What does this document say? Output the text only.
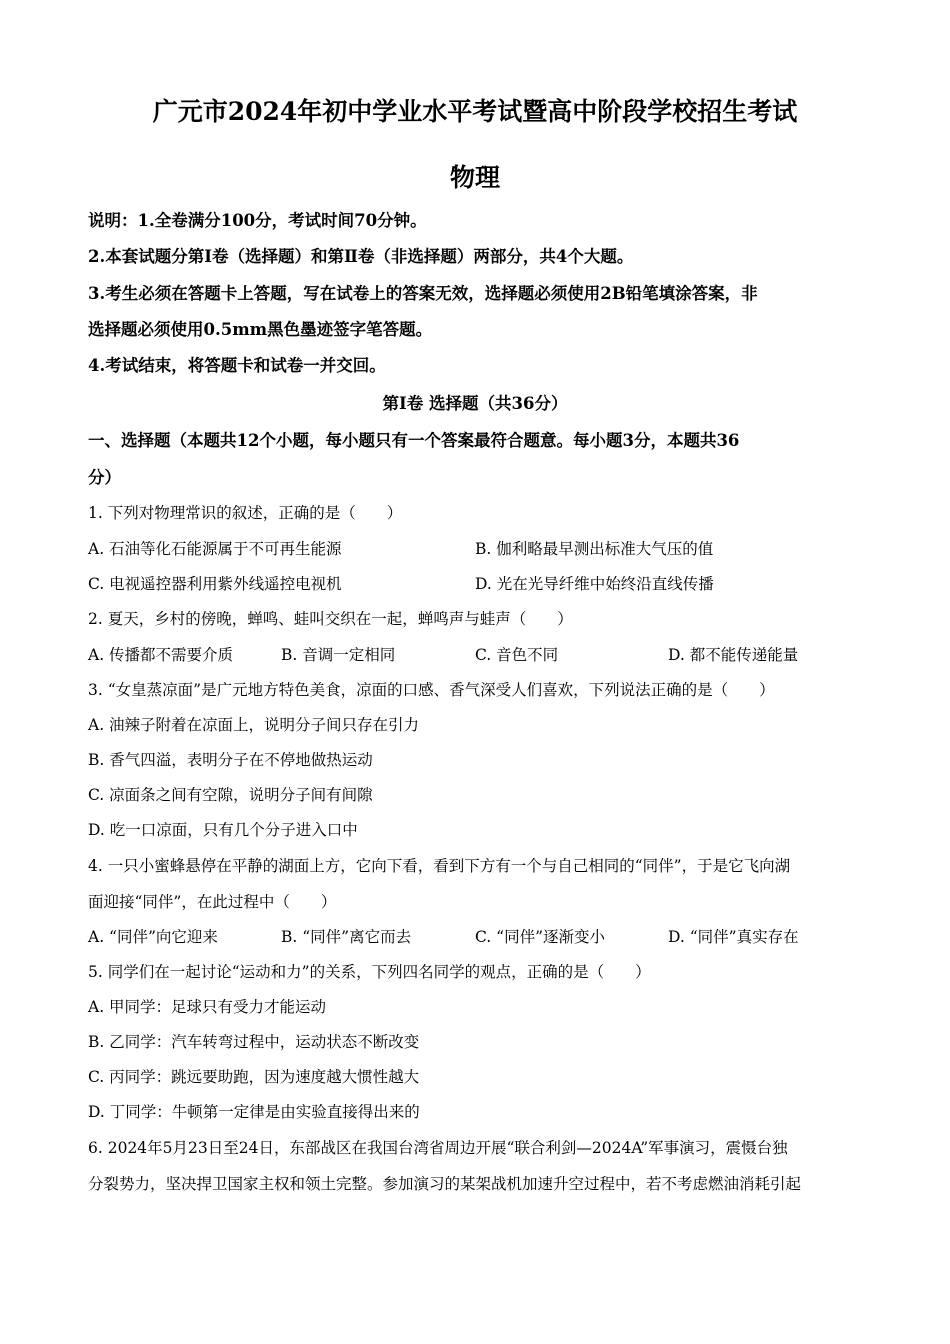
广元市2024年初中学业水平考试暨高中阶段学校招生考试
物理
说明：1.全卷满分100分，考试时间70分钟。
2.本套试题分第Ⅰ卷（选择题）和第Ⅱ卷（非选择题）两部分，共4个大题。
3.考生必须在答题卡上答题，写在试卷上的答案无效，选择题必须使用2B铅笔填涂答案，非
选择题必须使用0.5mm黑色墨迹签字笔答题。
4.考试结束，将答题卡和试卷一并交回。
第Ⅰ卷 选择题（共36分）
一、选择题（本题共12个小题，每小题只有一个答案最符合题意。每小题3分，本题共36
分）
1. 下列对物理常识的叙述，正确的是（　　）
A. 石油等化石能源属于不可再生能源	B. 伽利略最早测出标准大气压的值
C. 电视遥控器利用紫外线遥控电视机	D. 光在光导纤维中始终沿直线传播
2. 夏天，乡村的傍晚，蝉鸣、蛙叫交织在一起，蝉鸣声与蛙声（　　）
A. 传播都不需要介质	B. 音调一定相同	C. 音色不同	D. 都不能传递能量
3. “女皇蒸凉面”是广元地方特色美食，凉面的口感、香气深受人们喜欢，下列说法正确的是（　　）
A. 油辣子附着在凉面上，说明分子间只存在引力
B. 香气四溢，表明分子在不停地做热运动
C. 凉面条之间有空隙，说明分子间有间隙
D. 吃一口凉面，只有几个分子进入口中
4. 一只小蜜蜂悬停在平静的湖面上方，它向下看，看到下方有一个与自己相同的“同伴”，于是它飞向湖
面迎接“同伴”，在此过程中（　　）
A. “同伴”向它迎来	B. “同伴”离它而去	C. “同伴”逐渐变小	D. “同伴”真实存在
5. 同学们在一起讨论“运动和力”的关系，下列四名同学的观点，正确的是（　　）
A. 甲同学：足球只有受力才能运动
B. 乙同学：汽车转弯过程中，运动状态不断改变
C. 丙同学：跳远要助跑，因为速度越大惯性越大
D. 丁同学：牛顿第一定律是由实验直接得出来的
6. 2024年5月23日至24日，东部战区在我国台湾省周边开展“联合利剑—2024A”军事演习，震慑台独
分裂势力，坚决捍卫国家主权和领土完整。参加演习的某架战机加速升空过程中，若不考虑燃油消耗引起
